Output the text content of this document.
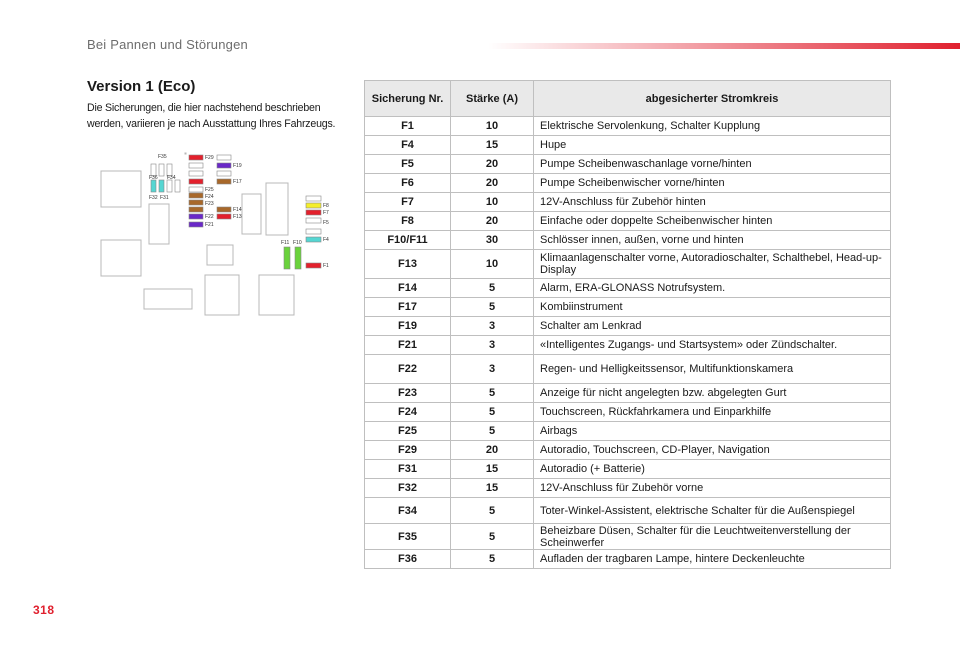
Bei Pannen und Störungen
Version 1 (Eco)
Die Sicherungen, die hier nachstehend beschrieben werden, variieren je nach Ausstattung Ihres Fahrzeugs.
F35	F29
F19
F36 F34
F17
F32 F31
F25
F24
F23
F14
F22	F13
F21
F8
F7
F5
F4
F11 F10
F1
Sicherung Nr.	Stärke (A)	abgesicherter Stromkreis
F1	10	Elektrische Servolenkung, Schalter Kupplung
F4	15	Hupe
F5	20	Pumpe Scheibenwaschanlage vorne/hinten
F6	20	Pumpe Scheibenwischer vorne/hinten
F7	10	12V-Anschluss für Zubehör hinten
F8	20	Einfache oder doppelte Scheibenwischer hinten
F10/F11	30	Schlösser innen, außen, vorne und hinten
F13	10	Klimaanlagenschalter vorne, Autoradioschalter, Schalthebel, Head-up-Display
F14	5	Alarm, ERA-GLONASS Notrufsystem.
F17	5	Kombiinstrument
F19	3	Schalter am Lenkrad
F21	3	«Intelligentes Zugangs- und Startsystem» oder Zündschalter.
F22	3	Regen- und Helligkeitssensor, Multifunktionskamera
F23	5	Anzeige für nicht angelegten bzw. abgelegten Gurt
F24	5	Touchscreen, Rückfahrkamera und Einparkhilfe
F25	5	Airbags
F29	20	Autoradio, Touchscreen, CD-Player, Navigation
F31	15	Autoradio (+ Batterie)
F32	15	12V-Anschluss für Zubehör vorne
F34	5	Toter-Winkel-Assistent, elektrische Schalter für die Außenspiegel
F35	5	Beheizbare Düsen, Schalter für die Leuchtweitenverstellung der Scheinwerfer
F36	5	Aufladen der tragbaren Lampe, hintere Deckenleuchte
318
